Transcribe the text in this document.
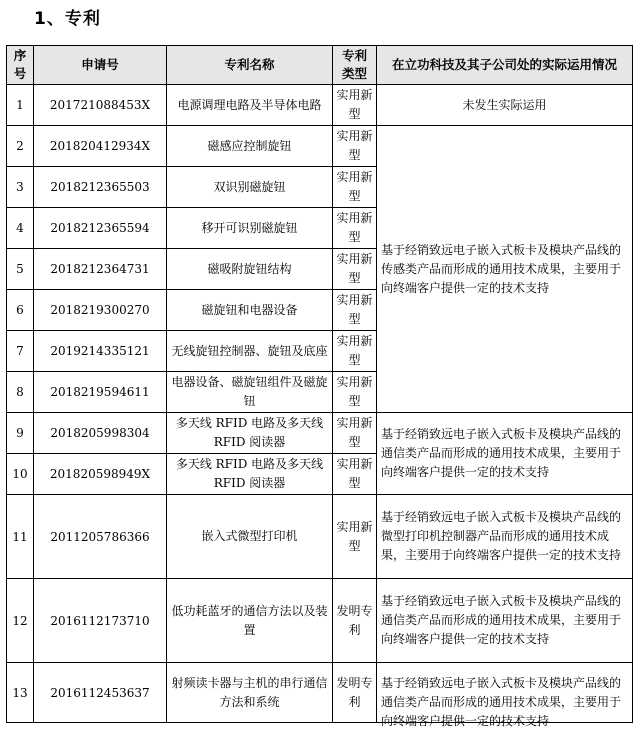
1、专利
序号	申请号	专利名称	专利类型	在立功科技及其子公司处的实际运用情况
1	201721088453X	电源调理电路及半导体电路	实用新型	未发生实际运用
2	201820412934X	磁感应控制旋钮	实用新型	基于经销致远电子嵌入式板卡及模块产品线的传感类产品而形成的通用技术成果，主要用于向终端客户提供一定的技术支持
3	2018212365503	双识别磁旋钮	实用新型	
4	2018212365594	移开可识别磁旋钮	实用新型	
5	2018212364731	磁吸附旋钮结构	实用新型	
6	2018219300270	磁旋钮和电器设备	实用新型	
7	2019214335121	无线旋钮控制器、旋钮及底座	实用新型	
8	2018219594611	电器设备、磁旋钮组件及磁旋钮	实用新型	
9	2018205998304	多天线 RFID 电路及多天线 RFID 阅读器	实用新型	基于经销致远电子嵌入式板卡及模块产品线的通信类产品而形成的通用技术成果，主要用于向终端客户提供一定的技术支持
10	201820598949X	多天线 RFID 电路及多天线 RFID 阅读器	实用新型	
11	2011205786366	嵌入式微型打印机	实用新型	基于经销致远电子嵌入式板卡及模块产品线的微型打印机控制器产品而形成的通用技术成果，主要用于向终端客户提供一定的技术支持
12	2016112173710	低功耗蓝牙的通信方法以及装置	发明专利	基于经销致远电子嵌入式板卡及模块产品线的通信类产品而形成的通用技术成果，主要用于向终端客户提供一定的技术支持
13	2016112453637	射频读卡器与主机的串行通信方法和系统	发明专利	基于经销致远电子嵌入式板卡及模块产品线的通信类产品而形成的通用技术成果，主要用于向终端客户提供一定的技术支持
